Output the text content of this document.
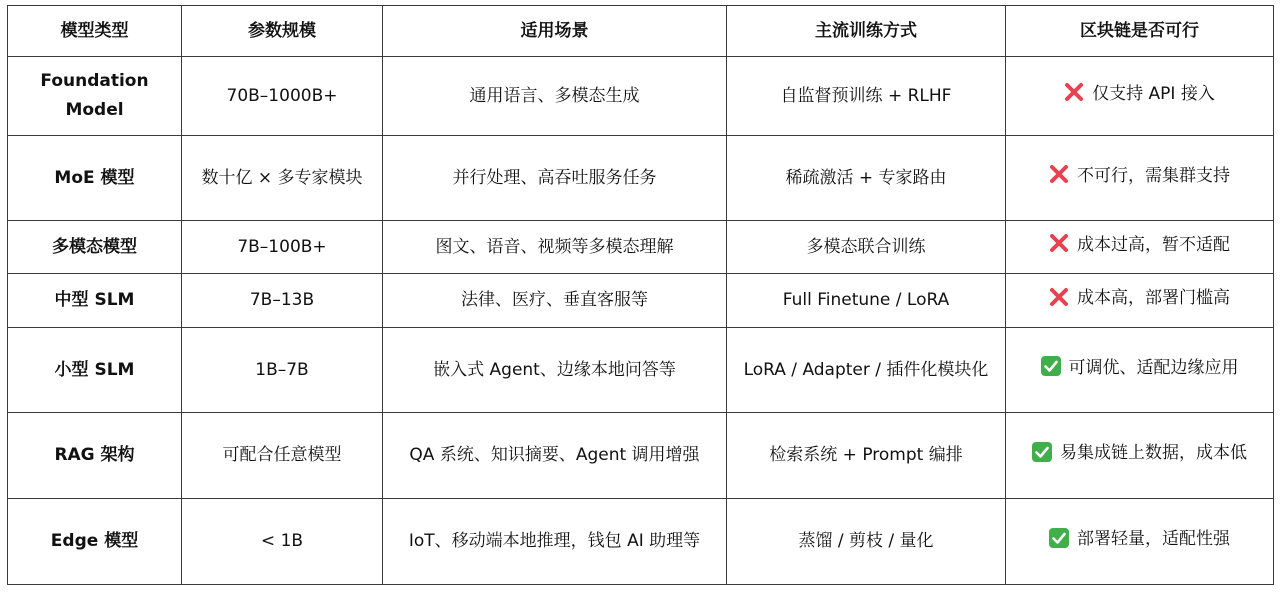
模型类型	参数规模	适用场景	主流训练方式	区块链是否可行
Foundation Model	70B–1000B+	通用语言、多模态生成	自监督预训练 + RLHF	仅支持 API 接入
MoE 模型	数十亿 × 多专家模块	并行处理、高吞吐服务任务	稀疏激活 + 专家路由	不可行，需集群支持
多模态模型	7B–100B+	图文、语音、视频等多模态理解	多模态联合训练	成本过高，暂不适配
中型 SLM	7B–13B	法律、医疗、垂直客服等	Full Finetune / LoRA	成本高，部署门槛高
小型 SLM	1B–7B	嵌入式 Agent、边缘本地问答等	LoRA / Adapter / 插件化模块化	可调优、适配边缘应用
RAG 架构	可配合任意模型	QA 系统、知识摘要、Agent 调用增强	检索系统 + Prompt 编排	易集成链上数据，成本低
Edge 模型	< 1B	IoT、移动端本地推理，钱包 AI 助理等	蒸馏 / 剪枝 / 量化	部署轻量，适配性强
